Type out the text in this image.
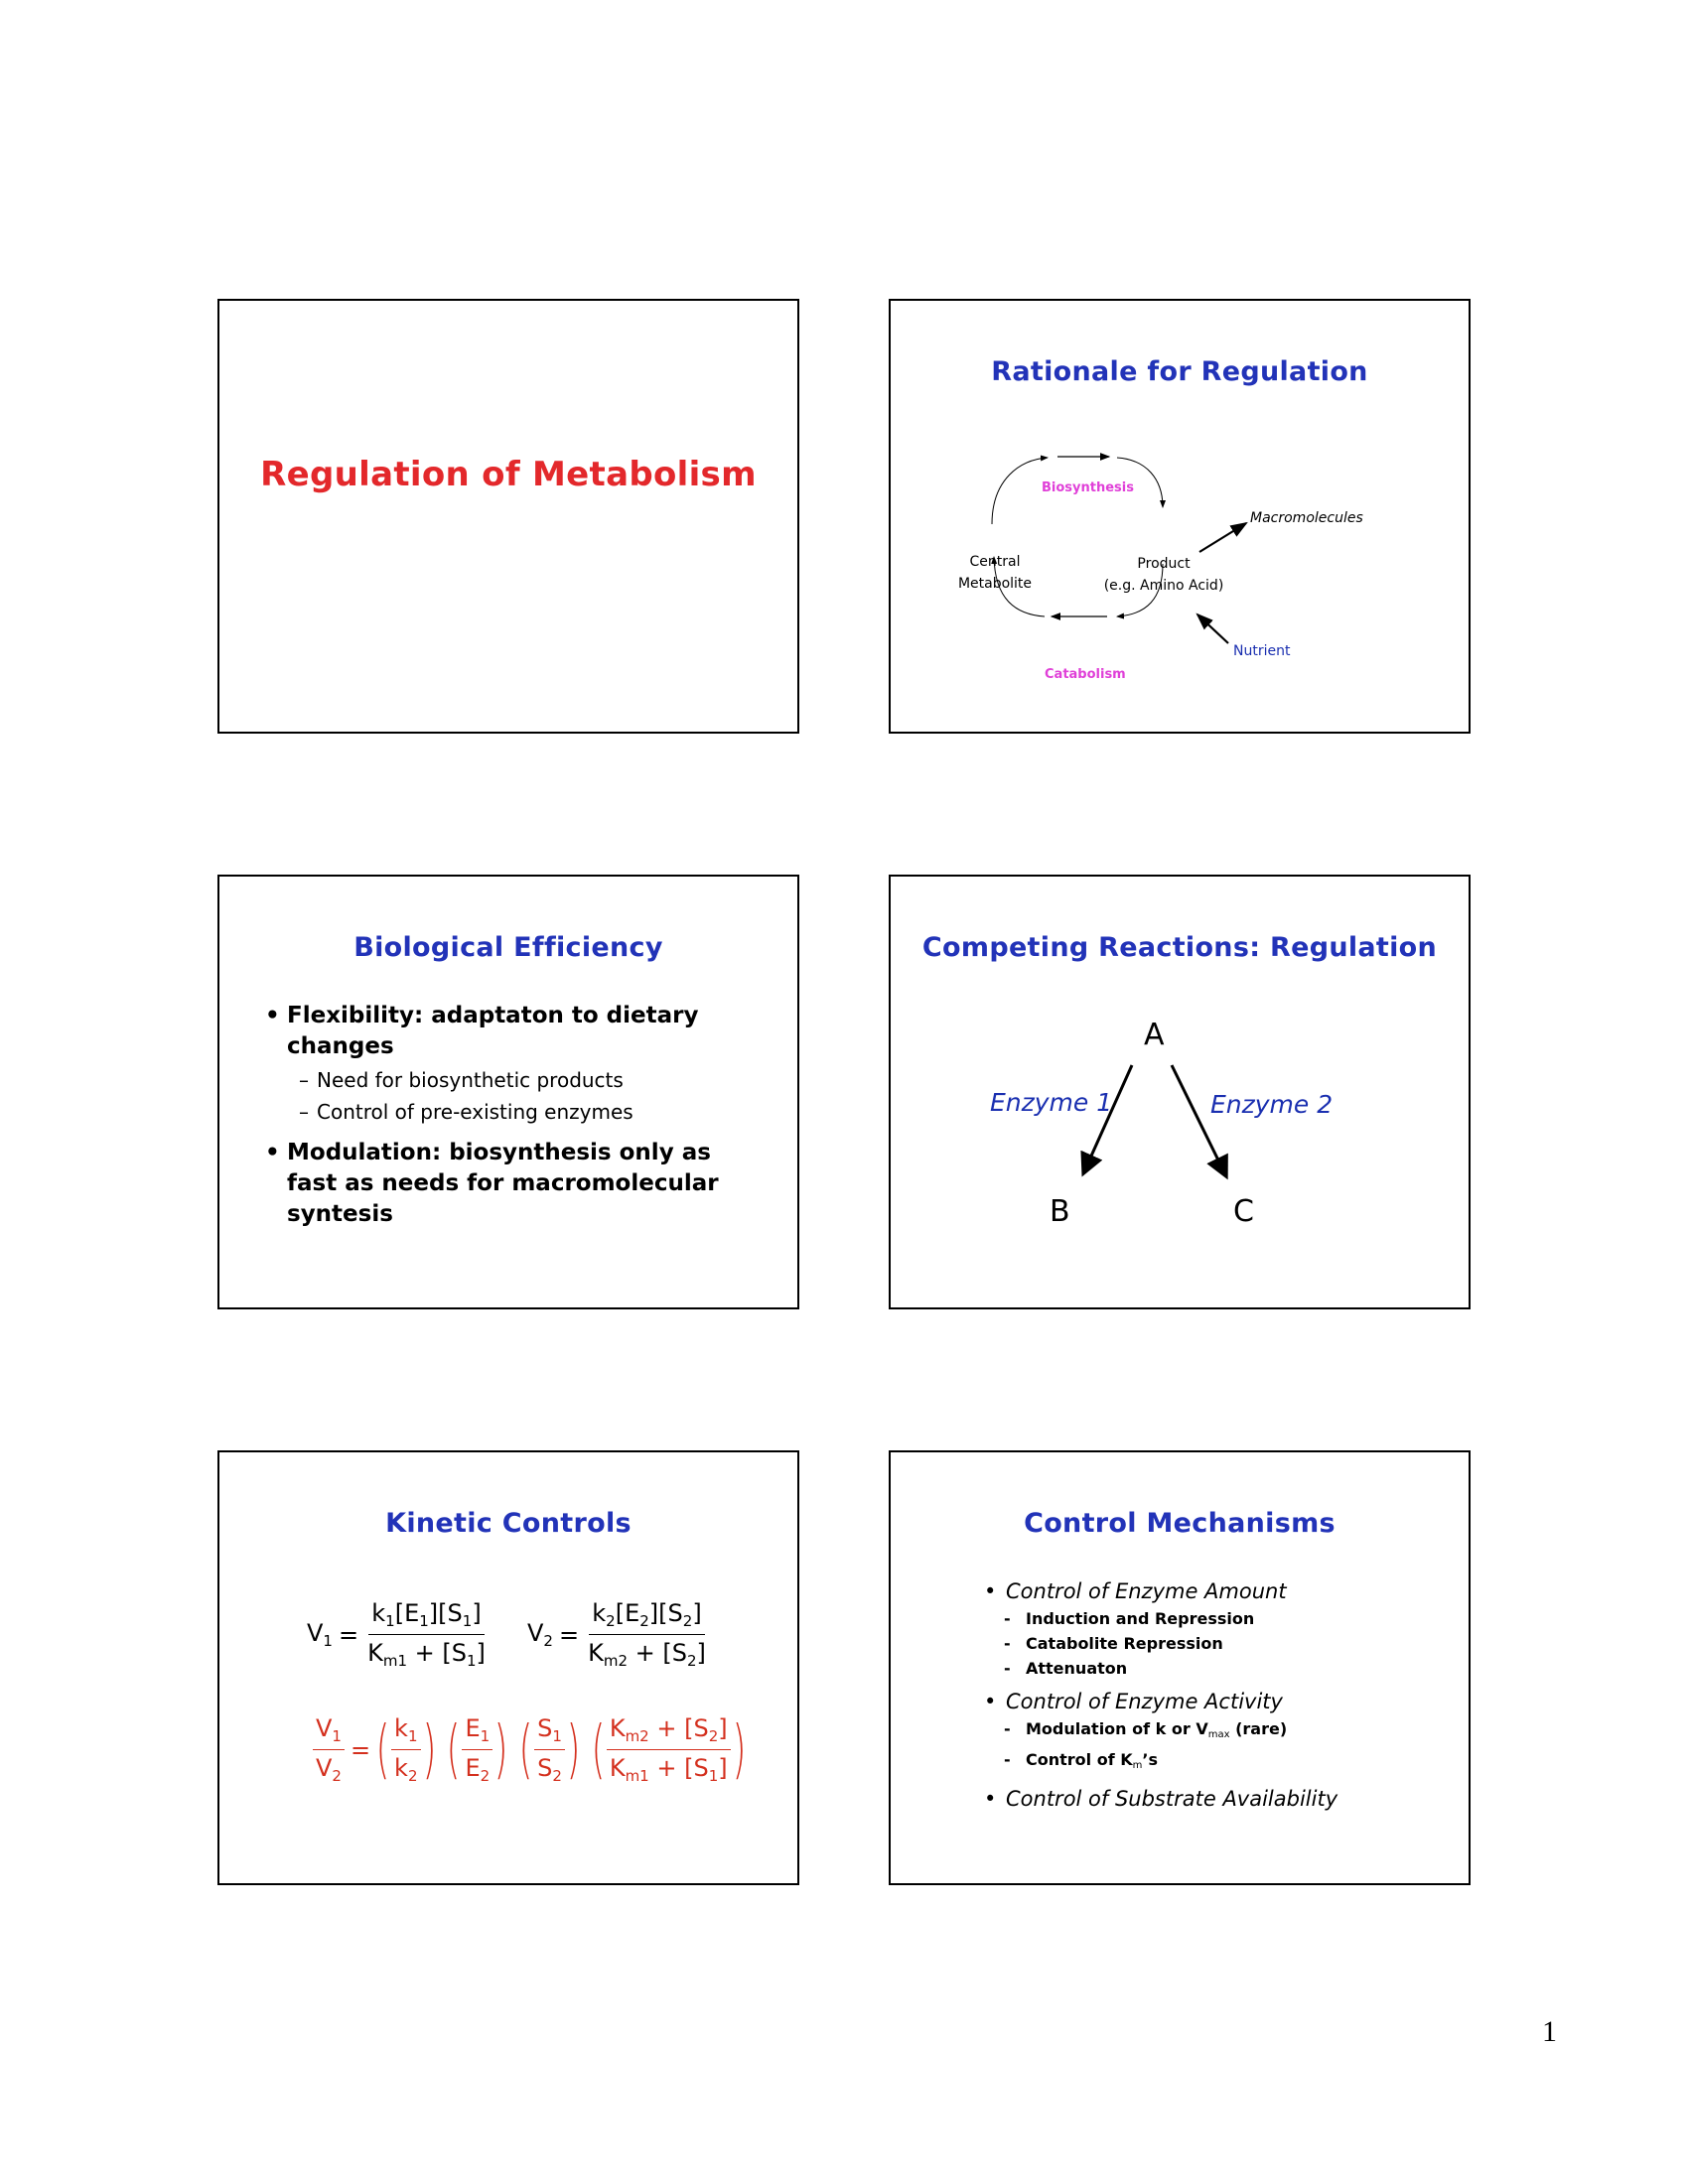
Regulation of Metabolism
Rationale for Regulation
Biosynthesis
Catabolism
Central
Metabolite
Product
(e.g. Amino Acid)
Macromolecules
Nutrient
Biological Efficiency
• Flexibility: adaptaton to dietary changes
– Need for biosynthetic products
– Control of pre-existing enzymes
• Modulation: biosynthesis only as fast as needs for macromolecular syntesis
Competing Reactions: Regulation
A
B	C
Enzyme 1	Enzyme 2
Kinetic Controls
$V_1 = \frac{k_1[E_1][S_1]}{K_{m1} + [S_1]} V_2 = \frac{k_2[E_2][S_2]}{K_{m2} + [S_2]}$
$\frac{V_1}{V_2}$ = ( $\frac{k_1}{k_2}$ ) ( $\frac{E_1}{E_2}$ ) ( $\frac{S_1}{S_2}$ ) ( $\frac{K_{m2} + [S_2]}{K_{m1} + [S_1]}$ )
Control Mechanisms
• Control of Enzyme Amount
- Induction and Repression
- Catabolite Repression
- Attenuaton
• Control of Enzyme Activity
- Modulation of k or $V_{max}$ (rare)
- Control of $K_m’s$
• Control of Substrate Availability
1
